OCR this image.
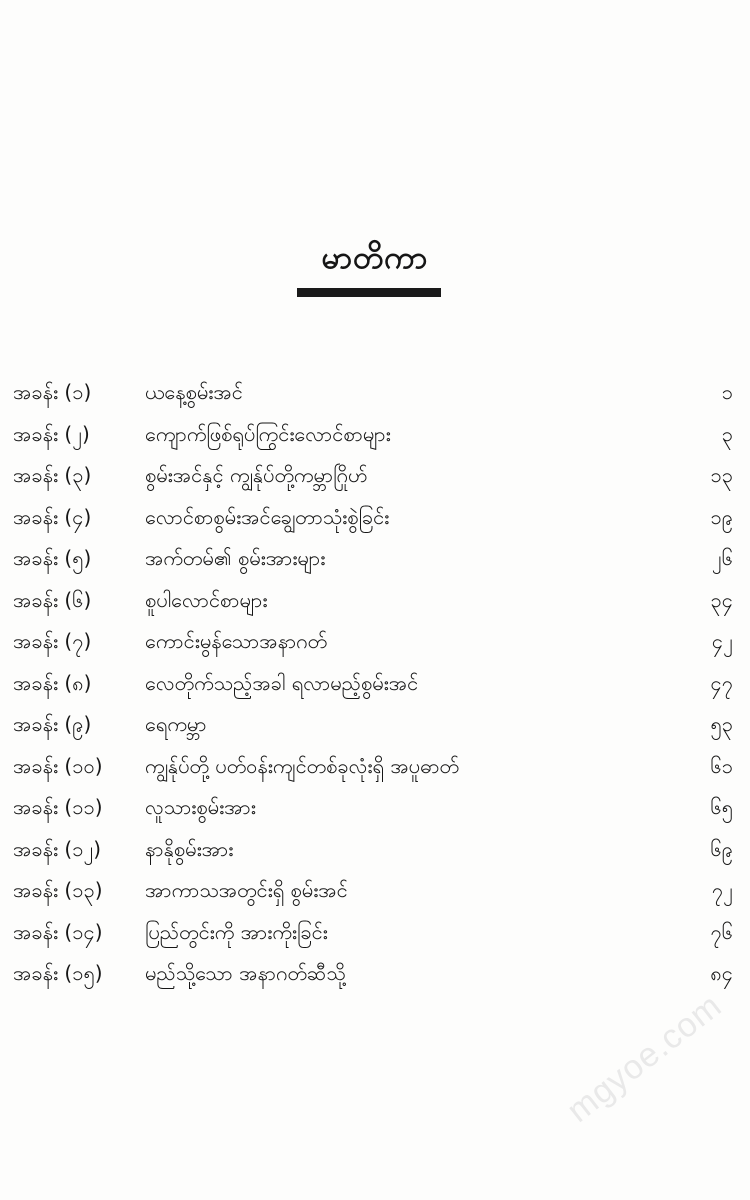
မာတိကာ
အခန်း (၁)	ယနေ့စွမ်းအင်	၁
အခန်း (၂)	ကျောက်ဖြစ်ရုပ်ကြွင်းလောင်စာများ	၃
အခန်း (၃)	စွမ်းအင်နှင့် ကျွန်ုပ်တို့ကမ္ဘာဂြိုဟ်	၁၃
အခန်း (၄)	လောင်စာစွမ်းအင်ချွေတာသုံးစွဲခြင်း	၁၉
အခန်း (၅)	အက်တမ်၏ စွမ်းအားများ	၂၆
အခန်း (၆)	စူပါလောင်စာများ	၃၄
အခန်း (၇)	ကောင်းမွန်သောအနာဂတ်	၄၂
အခန်း (၈)	လေတိုက်သည့်အခါ ရလာမည့်စွမ်းအင်	၄၇
အခန်း (၉)	ရေကမ္ဘာ	၅၃
အခန်း (၁၀) ကျွန်ုပ်တို့ ပတ်ဝန်းကျင်တစ်ခုလုံးရှိ အပူဓာတ်	၆၁
အခန်း (၁၁) လူသားစွမ်းအား	၆၅
အခန်း (၁၂) နာနိုစွမ်းအား	၆၉
အခန်း (၁၃) အာကာသအတွင်းရှိ စွမ်းအင်	၇၂
အခန်း (၁၄) ပြည်တွင်းကို အားကိုးခြင်း	၇၆
အခန်း (၁၅) မည်သို့သော အနာဂတ်ဆီသို့	၈၄
mgyoe.com
